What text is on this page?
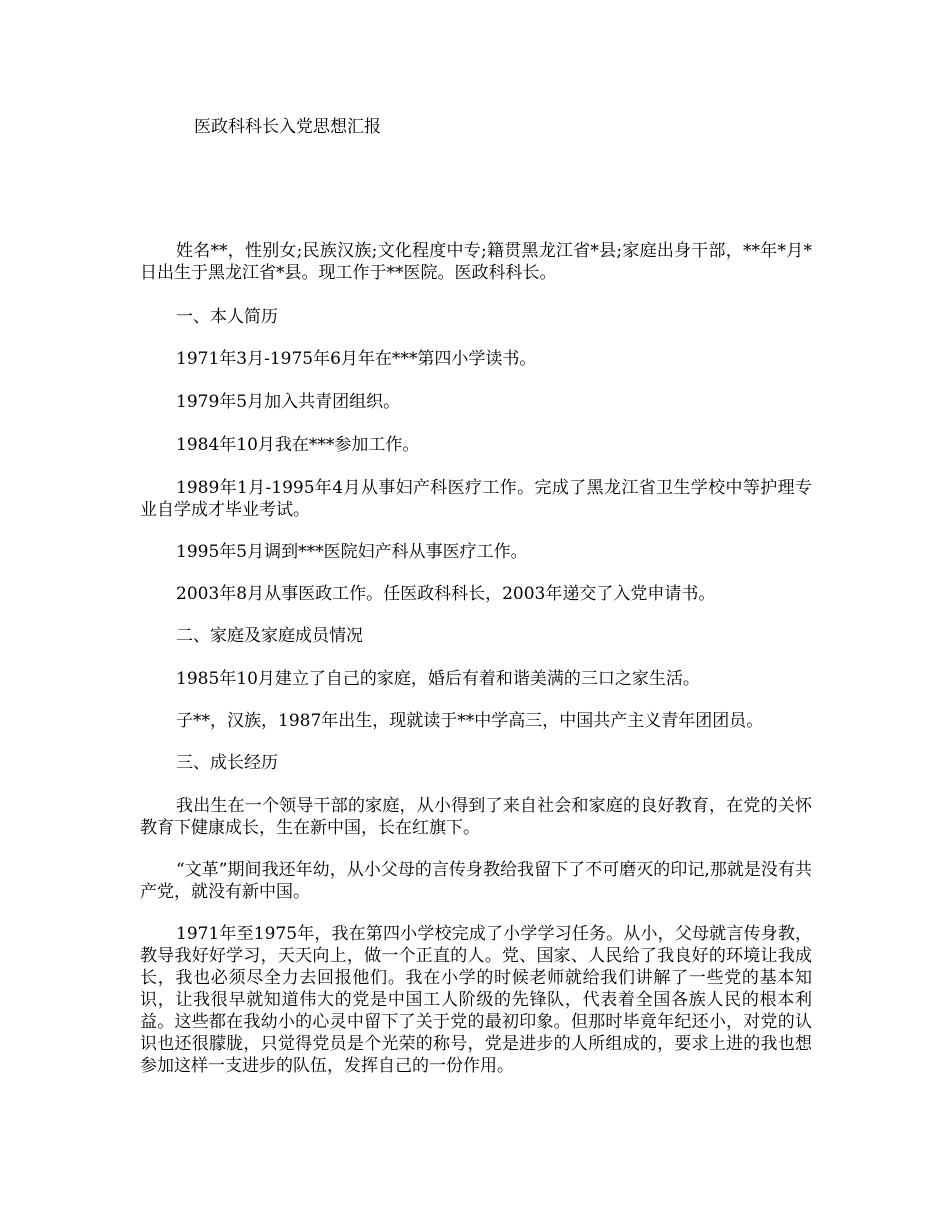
医政科科长入党思想汇报

姓名**，性别女;民族汉族;文化程度中专;籍贯黑龙江省*县;家庭出身干部，**年*月*日出生于黑龙江省*县。现工作于**医院。医政科科长。

一、本人简历

1971年3月-1975年6月年在***第四小学读书。

1979年5月加入共青团组织。

1984年10月我在***参加工作。

1989年1月-1995年4月从事妇产科医疗工作。完成了黑龙江省卫生学校中等护理专业自学成才毕业考试。

1995年5月调到***医院妇产科从事医疗工作。

2003年8月从事医政工作。任医政科科长，2003年递交了入党申请书。

二、家庭及家庭成员情况

1985年10月建立了自己的家庭，婚后有着和谐美满的三口之家生活。

子**，汉族，1987年出生，现就读于**中学高三，中国共产主义青年团团员。

三、成长经历

我出生在一个领导干部的家庭，从小得到了来自社会和家庭的良好教育，在党的关怀教育下健康成长，生在新中国，长在红旗下。

“文革”期间我还年幼，从小父母的言传身教给我留下了不可磨灭的印记,那就是没有共产党，就没有新中国。

1971年至1975年，我在第四小学校完成了小学学习任务。从小，父母就言传身教，教导我好好学习，天天向上，做一个正直的人。党、国家、人民给了我良好的环境让我成长，我也必须尽全力去回报他们。我在小学的时候老师就给我们讲解了一些党的基本知识，让我很早就知道伟大的党是中国工人阶级的先锋队，代表着全国各族人民的根本利益。这些都在我幼小的心灵中留下了关于党的最初印象。但那时毕竟年纪还小，对党的认识也还很朦胧，只觉得党员是个光荣的称号，党是进步的人所组成的，要求上进的我也想参加这样一支进步的队伍，发挥自己的一份作用。
